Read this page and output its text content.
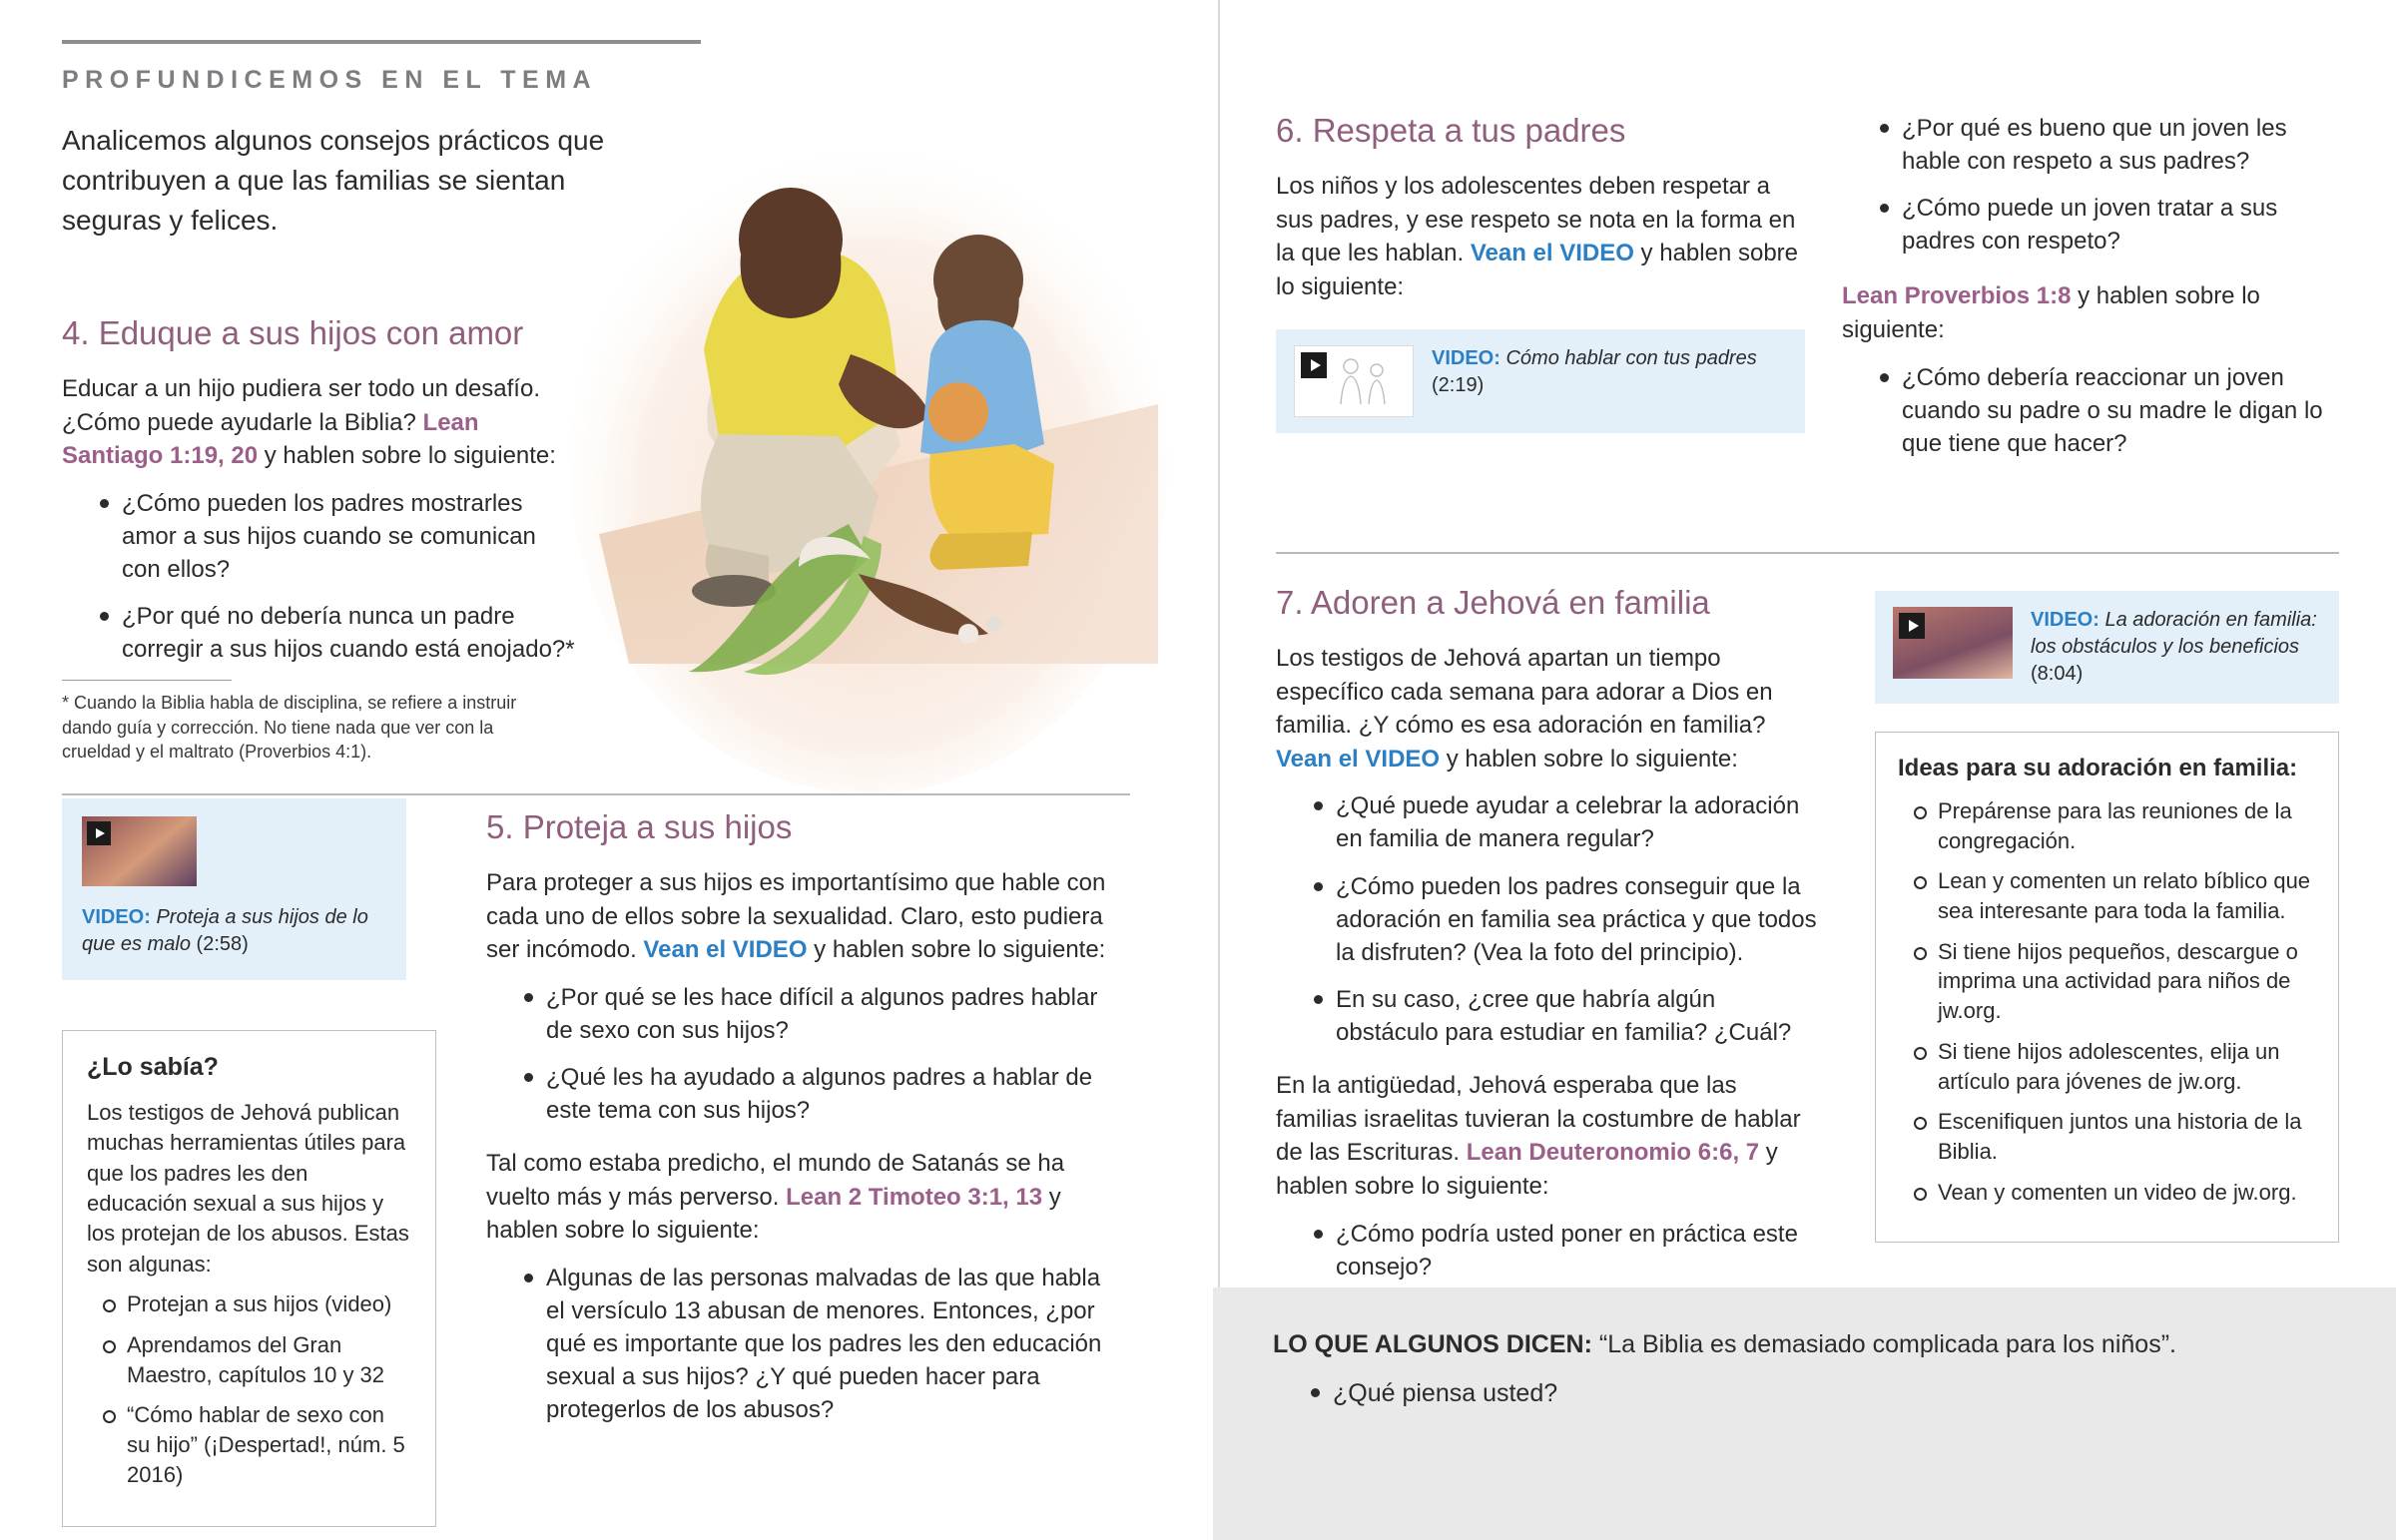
PROFUNDICEMOS EN EL TEMA
Analicemos algunos consejos prácticos que contribuyen a que las familias se sientan seguras y felices.
4. Eduque a sus hijos con amor

Educar a un hijo pudiera ser todo un desafío. ¿Cómo puede ayudarle la Biblia? Lean Santiago 1:19, 20 y hablen sobre lo siguiente:

¿Cómo pueden los padres mostrarles amor a sus hijos cuando se comunican con ellos?
¿Por qué no debería nunca un padre corregir a sus hijos cuando está enojado?*
* Cuando la Biblia habla de disciplina, se refiere a instruir dando guía y corrección. No tiene nada que ver con la crueldad y el maltrato (Proverbios 4:1).
VIDEO: Proteja a sus hijos de lo que es malo (2:58)
¿Lo sabía?

Los testigos de Jehová publican muchas herramientas útiles para que los padres les den educación sexual a sus hijos y los protejan de los abusos. Estas son algunas:

Protejan a sus hijos (video)
Aprendamos del Gran Maestro, capítulos 10 y 32
“Cómo hablar de sexo con su hijo” (¡Despertad!, núm. 5 2016)
5. Proteja a sus hijos

Para proteger a sus hijos es importantísimo que hable con cada uno de ellos sobre la sexualidad. Claro, esto pudiera ser incómodo. Vean el VIDEO y hablen sobre lo siguiente:

¿Por qué se les hace difícil a algunos padres hablar de sexo con sus hijos?
¿Qué les ha ayudado a algunos padres a hablar de este tema con sus hijos?

Tal como estaba predicho, el mundo de Satanás se ha vuelto más y más perverso. Lean 2 Timoteo 3:1, 13 y hablen sobre lo siguiente:

Algunas de las personas malvadas de las que habla el versículo 13 abusan de menores. Entonces, ¿por qué es importante que los padres les den educación sexual a sus hijos? ¿Y qué pueden hacer para protegerlos de los abusos?
6. Respeta a tus padres

Los niños y los adolescentes deben respetar a sus padres, y ese respeto se nota en la forma en la que les hablan. Vean el VIDEO y hablen sobre lo siguiente:

VIDEO: Cómo hablar con tus padres
(2:19)
¿Por qué es bueno que un joven les hable con respeto a sus padres?
¿Cómo puede un joven tratar a sus padres con respeto?

Lean Proverbios 1:8 y hablen sobre lo siguiente:

¿Cómo debería reaccionar un joven cuando su padre o su madre le digan lo que tiene que hacer?
7. Adoren a Jehová en familia

Los testigos de Jehová apartan un tiempo específico cada semana para adorar a Dios en familia. ¿Y cómo es esa adoración en familia? Vean el VIDEO y hablen sobre lo siguiente:

¿Qué puede ayudar a celebrar la adoración en familia de manera regular?
¿Cómo pueden los padres conseguir que la adoración en familia sea práctica y que todos la disfruten? (Vea la foto del principio).
En su caso, ¿cree que habría algún obstáculo para estudiar en familia? ¿Cuál?

En la antigüedad, Jehová esperaba que las familias israelitas tuvieran la costumbre de hablar de las Escrituras. Lean Deuteronomio 6:6, 7 y hablen sobre lo siguiente:

¿Cómo podría usted poner en práctica este consejo?
VIDEO: La adoración en familia: los obstáculos y los beneficios (8:04)
Ideas para su adoración en familia:
Prepárense para las reuniones de la congregación.
Lean y comenten un relato bíblico que sea interesante para toda la familia.
Si tiene hijos pequeños, descargue o imprima una actividad para niños de jw.org.
Si tiene hijos adolescentes, elija un artículo para jóvenes de jw.org.
Escenifiquen juntos una historia de la Biblia.
Vean y comenten un video de jw.org.
LO QUE ALGUNOS DICEN: “La Biblia es demasiado complicada para los niños”.
¿Qué piensa usted?
